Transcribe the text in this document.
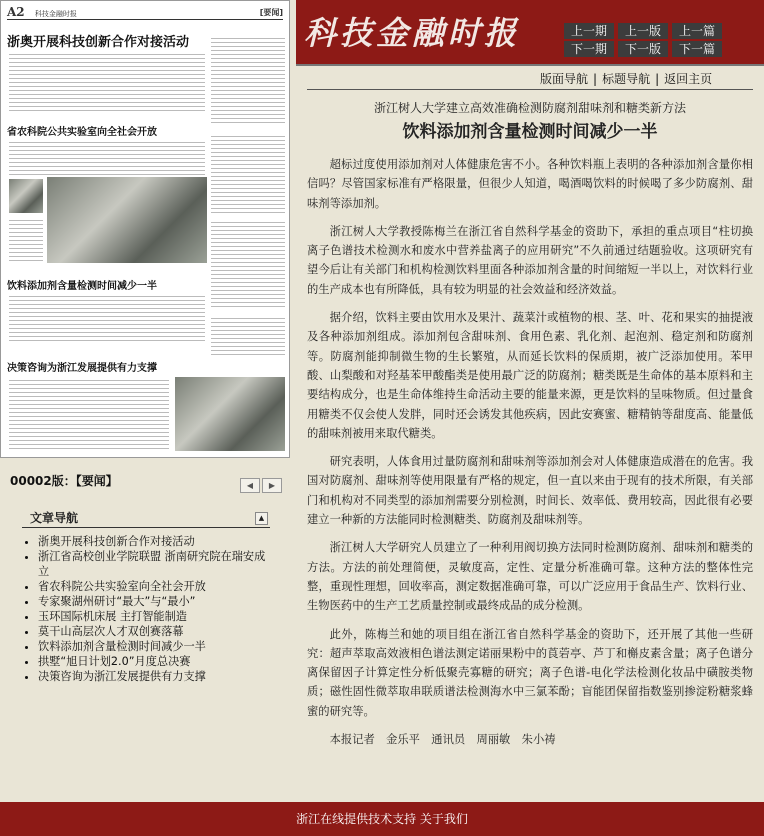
A2 科技金融时报	[要闻]
浙奥开展科技创新合作对接活动
省农科院公共实验室向全社会开放
饮料添加剂含量检测时间减少一半
决策咨询为浙江发展提供有力支撑
00002版：【要闻】	◀ ▶
文章导航	▲
• 浙奥开展科技创新合作对接活动
• 浙江省高校创业学院联盟 浙南研究院在瑞安成立
• 省农科院公共实验室向全社会开放
• 专家聚湖州研讨“最大”与“最小”
• 玉环国际机床展 主打智能制造
• 莫干山高层次人才双创赛落幕
• 饮料添加剂含量检测时间减少一半
• 拱墅“旭日计划2.0”月度总决赛
• 决策咨询为浙江发展提供有力支撑
科技金融时报	上一期	上一版	上一篇
下一期	下一版	下一篇
版面导航 | 标题导航 | 返回主页
浙江树人大学建立高效准确检测防腐剂甜味剂和糖类新方法
饮料添加剂含量检测时间减少一半

超标过度使用添加剂对人体健康危害不小。各种饮料瓶上表明的各种添加剂含量你相信吗？尽管国家标准有严格限量，但很少人知道，喝酒喝饮料的时候喝了多少防腐剂、甜味剂等添加剂。

浙江树人大学教授陈梅兰在浙江省自然科学基金的资助下，承担的重点项目“柱切换离子色谱技术检测水和废水中营养盐离子的应用研究”不久前通过结题验收。这项研究有望今后让有关部门和机构检测饮料里面各种添加剂含量的时间缩短一半以上，对饮料行业的生产成本也有所降低，具有较为明显的社会效益和经济效益。

据介绍，饮料主要由饮用水及果汁、蔬菜汁或植物的根、茎、叶、花和果实的抽提液及各种添加剂组成。添加剂包含甜味剂、食用色素、乳化剂、起泡剂、稳定剂和防腐剂等。防腐剂能抑制微生物的生长繁殖，从而延长饮料的保质期，被广泛添加使用。苯甲酸、山梨酸和对羟基苯甲酸酯类是使用最广泛的防腐剂；糖类既是生命体的基本原料和主要结构成分，也是生命体维持生命活动主要的能量来源，更是饮料的呈味物质。但过量食用糖类不仅会使人发胖，同时还会诱发其他疾病，因此安赛蜜、糖精钠等甜度高、能量低的甜味剂被用来取代糖类。

研究表明，人体食用过量防腐剂和甜味剂等添加剂会对人体健康造成潜在的危害。我国对防腐剂、甜味剂等使用限量有严格的规定，但一直以来由于现有的技术所限，有关部门和机构对不同类型的添加剂需要分别检测，时间长、效率低、费用较高，因此很有必要建立一种新的方法能同时检测糖类、防腐剂及甜味剂等。

浙江树人大学研究人员建立了一种利用阀切换方法同时检测防腐剂、甜味剂和糖类的方法。方法的前处理简便，灵敏度高，定性、定量分析准确可靠。这种方法的整体性完整，重现性理想，回收率高，测定数据准确可靠，可以广泛应用于食品生产、饮料行业、生物医药中的生产工艺质量控制或最终成品的成分检测。

此外，陈梅兰和她的项目组在浙江省自然科学基金的资助下，还开展了其他一些研究：超声萃取高效液相色谱法测定诺丽果粉中的莨菪亭、芦丁和槲皮素含量；离子色谱分离保留因子计算定性分析低聚壳寡糖的研究；离子色谱-电化学法检测化妆品中磺胺类物质；磁性固性微萃取串联质谱法检测海水中三氯苯酚；盲能团保留指数鉴别掺淀粉糖浆蜂蜜的研究等。

本报记者　金乐平　通讯员　周丽敏　朱小祷

浙江在线提供技术支持 关于我们
